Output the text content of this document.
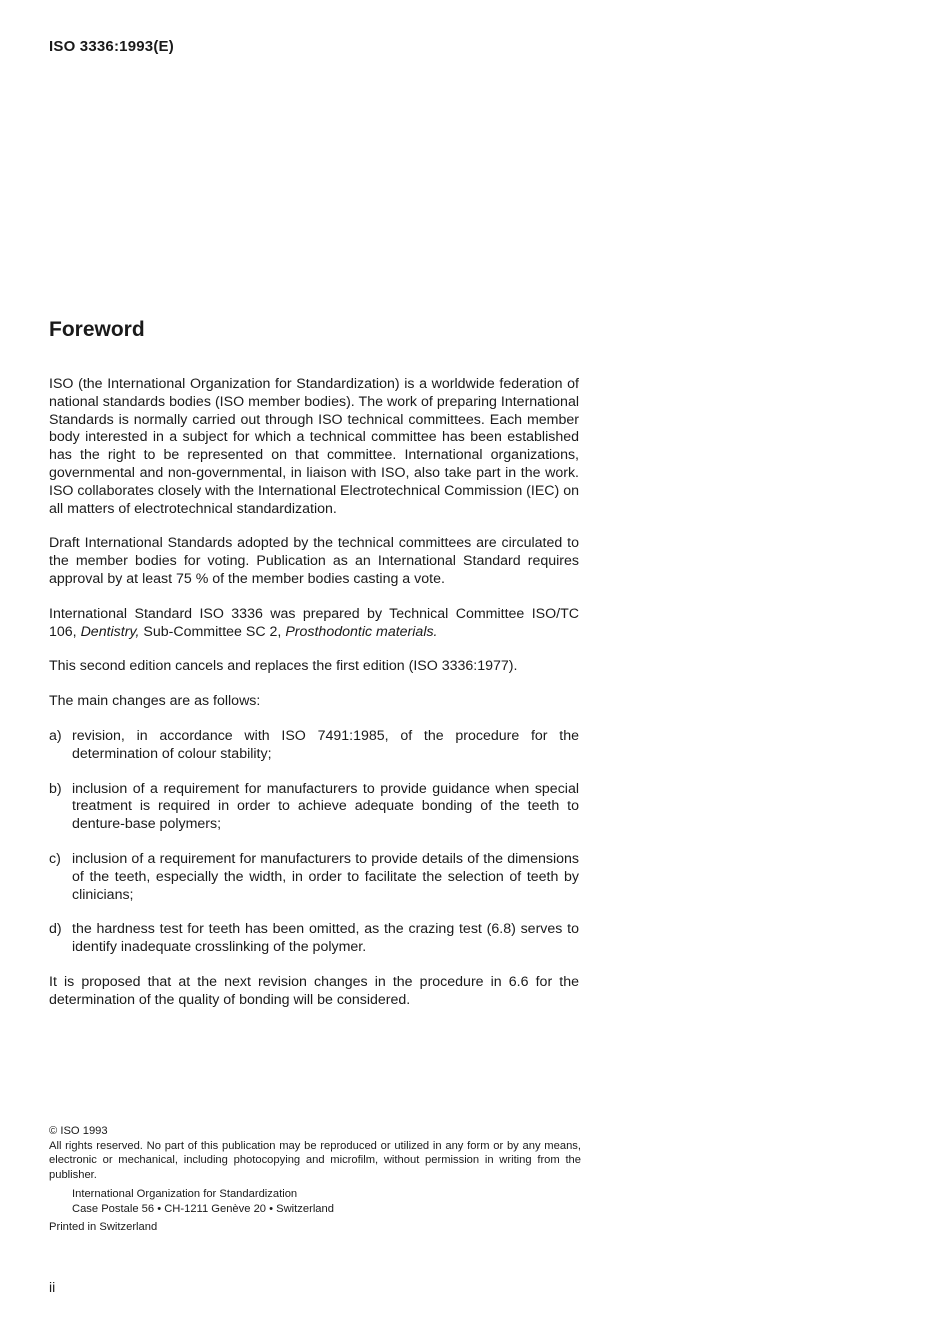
ISO 3336:1993(E)
Foreword

ISO (the International Organization for Standardization) is a worldwide federation of national standards bodies (ISO member bodies). The work of preparing International Standards is normally carried out through ISO technical committees. Each member body interested in a subject for which a technical committee has been established has the right to be represented on that committee. International organizations, governmental and non-governmental, in liaison with ISO, also take part in the work. ISO collaborates closely with the International Electrotechnical Commission (IEC) on all matters of electrotechnical standardization.

Draft International Standards adopted by the technical committees are circulated to the member bodies for voting. Publication as an International Standard requires approval by at least 75 % of the member bodies casting a vote.

International Standard ISO 3336 was prepared by Technical Committee ISO/TC 106, Dentistry, Sub-Committee SC 2, Prosthodontic materials.

This second edition cancels and replaces the first edition (ISO 3336:1977).

The main changes are as follows:

a) revision, in accordance with ISO 7491:1985, of the procedure for the determination of colour stability;
b) inclusion of a requirement for manufacturers to provide guidance when special treatment is required in order to achieve adequate bonding of the teeth to denture-base polymers;
c) inclusion of a requirement for manufacturers to provide details of the dimensions of the teeth, especially the width, in order to facilitate the selection of teeth by clinicians;
d) the hardness test for teeth has been omitted, as the crazing test (6.8) serves to identify inadequate crosslinking of the polymer.

It is proposed that at the next revision changes in the procedure in 6.6 for the determination of the quality of bonding will be considered.

© ISO 1993
All rights reserved. No part of this publication may be reproduced or utilized in any form or by any means, electronic or mechanical, including photocopying and microfilm, without permission in writing from the publisher.
International Organization for Standardization
Case Postale 56 • CH-1211 Genève 20 • Switzerland
Printed in Switzerland
ii
